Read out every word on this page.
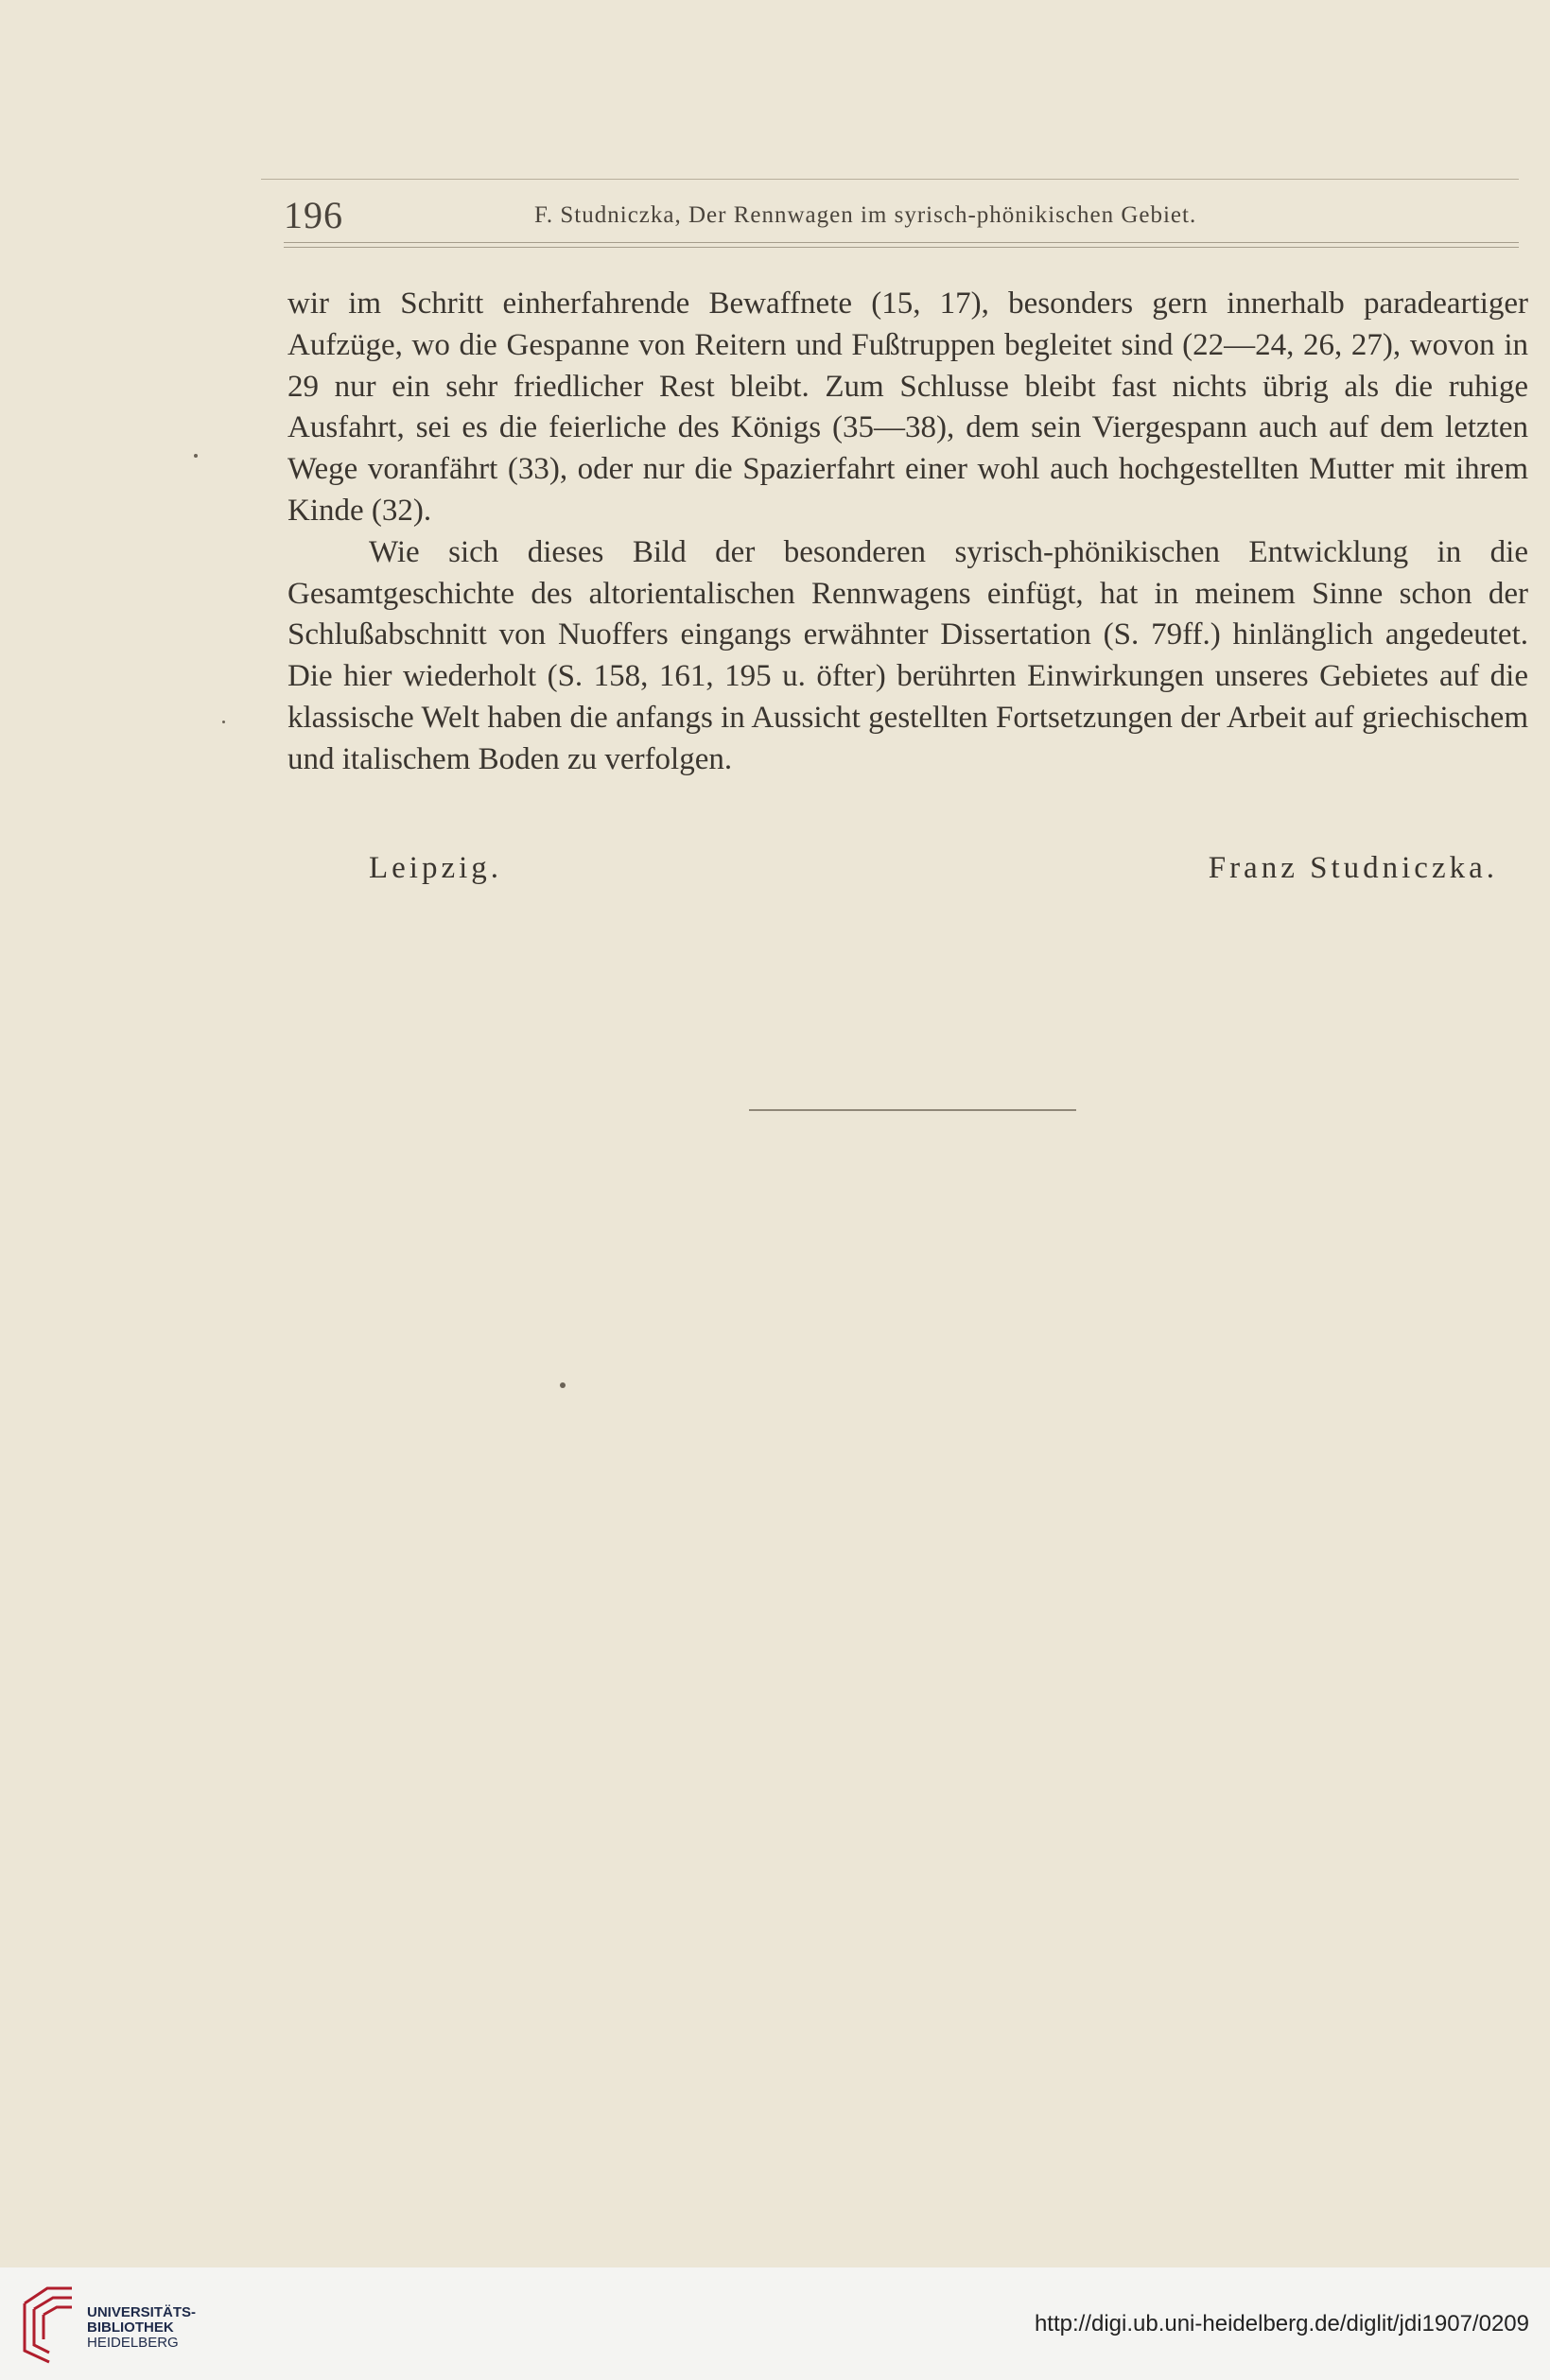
196	F. Studniczka, Der Rennwagen im syrisch-phönikischen Gebiet.

wir im Schritt einherfahrende Bewaffnete (15, 17), besonders gern innerhalb paradeartiger Aufzüge, wo die Gespanne von Reitern und Fußtruppen begleitet sind (22—24, 26, 27), wovon in 29 nur ein sehr friedlicher Rest bleibt. Zum Schlusse bleibt fast nichts übrig als die ruhige Ausfahrt, sei es die feierliche des Königs (35—38), dem sein Viergespann auch auf dem letzten Wege voranfährt (33), oder nur die Spazierfahrt einer wohl auch hochgestellten Mutter mit ihrem Kinde (32).

Wie sich dieses Bild der besonderen syrisch-phönikischen Entwicklung in die Gesamtgeschichte des altorientalischen Rennwagens einfügt, hat in meinem Sinne schon der Schlußabschnitt von Nuoffers eingangs erwähnter Dissertation (S. 79ff.) hinlänglich angedeutet. Die hier wiederholt (S. 158, 161, 195 u. öfter) berührten Einwirkungen unseres Gebietes auf die klassische Welt haben die anfangs in Aussicht gestellten Fortsetzungen der Arbeit auf griechischem und italischem Boden zu verfolgen.

Leipzig.	Franz Studniczka.
UNIVERSITÄTS-
BIBLIOTHEK
HEIDELBERG
http://digi.ub.uni-heidelberg.de/diglit/jdi1907/0209
